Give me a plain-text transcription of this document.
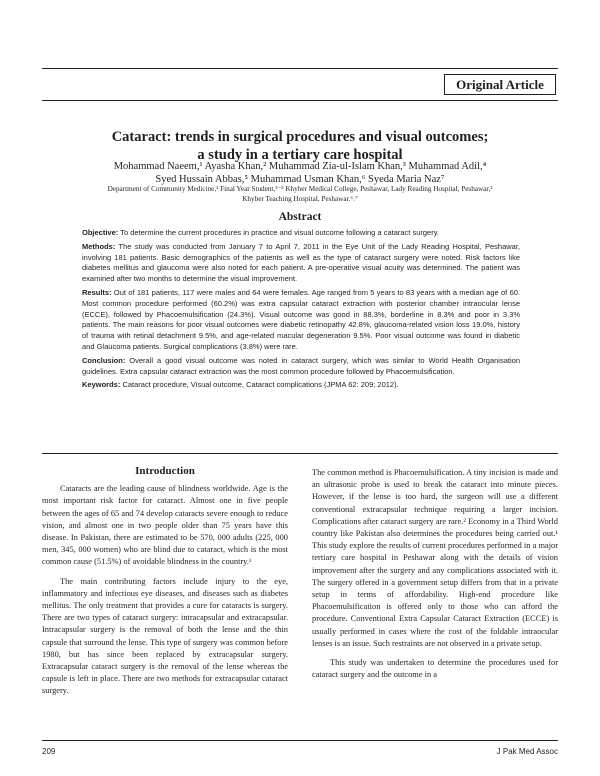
Original Article
Cataract: trends in surgical procedures and visual outcomes;
a study in a tertiary care hospital
Mohammad Naeem,¹ Ayasha Khan,² Muhammad Zia-ul-Islam Khan,³ Muhammad Adil,⁴
Syed Hussain Abbas,⁵ Muhammad Usman Khan,⁶ Syeda Maria Naz⁷
Department of Community Medicine,¹ Final Year Student,³⁻⁵ Khyber Medical College, Peshawar, Lady Reading Hospital, Peshawar,²
Khyber Teaching Hospital, Peshawar.⁶˒⁷
Abstract

Objective: To determine the current procedures in practice and visual outcome following a cataract surgery.

Methods: The study was conducted from January 7 to April 7, 2011 in the Eye Unit of the Lady Reading Hospital, Peshawar, involving 181 patients. Basic demographics of the patients as well as the type of cataract surgery were noted. Risk factors like diabetes mellitus and glaucoma were also noted for each patient. A pre-operative visual acuity was determined. The patient was examined after two months to determine the visual improvement.

Results: Out of 181 patients, 117 were males and 64 were females. Age ranged from 5 years to 83 years with a median age of 60. Most common procedure performed (60.2%) was extra capsular cataract extraction with posterior chamber intraocular lense (ECCE), followed by Phacoemulsification (24.3%). Visual outcome was good in 88.3%, borderline in 8.3% and poor in 3.3% patients. The main reasons for poor visual outcomes were diabetic retinopathy 42.8%, glaucoma-related vision loss 19.0%, history of trauma with retinal detachment 9.5%, and age-related macular degeneration 9.5%. Poor visual outcome was found in diabetic and Glaucoma patients. Surgical complications (3.8%) were rare.

Conclusion: Overall a good visual outcome was noted in cataract surgery, which was similar to World Health Organisation guidelines. Extra capsular cataract extraction was the most common procedure followed by Phacoemulsification.

Keywords: Cataract procedure, Visual outcome, Cataract complications (JPMA 62: 209; 2012).

Introduction

Cataracts are the leading cause of blindness worldwide. Age is the most important risk factor for cataract. Almost one in five people between the ages of 65 and 74 develop cataracts severe enough to reduce vision, and almost one in two people older than 75 years have this disease. In Pakistan, there are estimated to be 570, 000 adults (225, 000 men, 345, 000 women) who are blind due to cataract, which is the most common cause (51.5%) of avoidable blindness in the country.¹

The main contributing factors include injury to the eye, inflammatory and infectious eye diseases, and diseases such as diabetes mellitus. The only treatment that provides a cure for cataracts is surgery. There are two types of cataract surgery: intracapsular and extracapsular. Intracapsular surgery is the removal of both the lense and the thin capsule that surround the lense. This type of surgery was common before 1980, but has since been replaced by extracapsular surgery. Extracapsular cataract surgery is the removal of the lense whereas the capsule is left in place. There are two methods for extracapsular cataract surgery.

The common method is Phacoemulsification. A tiny incision is made and an ultrasonic probe is used to break the cataract into minute pieces. However, if the lense is too hard, the surgeon will use a different conventional extracapsular technique requiring a larger incision. Complications after cataract surgery are rare.² Economy in a Third World country like Pakistan also determines the procedures being carried out.¹ This study explore the results of current procedures performed in a major tertiary care hospital in Peshawar along with the details of vision improvement after the surgery and any complications associated with it. The surgery offered in a government setup differs from that in a private setup in terms of affordability. High-end procedure like Phacoemulsification is offered only to those who can afford the procedure. Conventional Extra Capsular Cataract Extraction (ECCE) is usually performed in cases where the cost of the foldable intraocular lenses is an issue. Such restraints are not observed in a private setup.

This study was undertaken to determine the procedures used for cataract surgery and the outcome in a

209	J Pak Med Assoc
